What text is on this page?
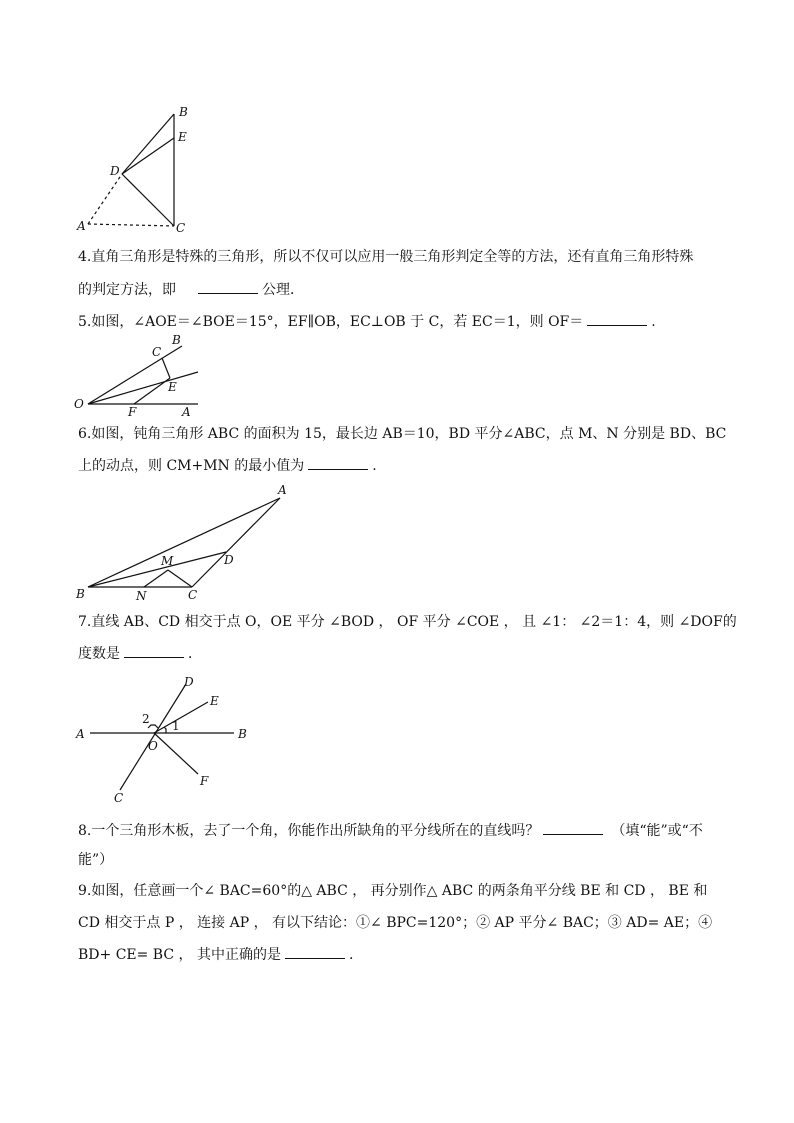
B
E
D
A	C
4.直角三角形是特殊的三角形，所以不仅可以应用一般三角形判定全等的方法，还有直角三角形特殊
的判定方法，即	公理．
5.如图，∠AOE＝∠BOE＝15°，EF∥OB，EC⊥OB 于 C，若 EC＝1，则 OF＝	.
B
C
E
O
F	A
6.如图，钝角三角形 ABC 的面积为 15，最长边 AB＝10，BD 平分∠ABC，点 M、N 分别是 BD、BC
上的动点，则 CM+MN 的最小值为	.
A
M	D
B	N	C
7.直线 AB、CD 相交于点 O，OE 平分 ∠BOD ， OF 平分 ∠COE ， 且 ∠1： ∠2＝1：4，则 ∠DOF的
度数是	．
D
E
A	B
O
2 1
F
C
8.一个三角形木板，去了一个角，你能作出所缺角的平分线所在的直线吗？	（填“能”或“不
能”）
9.如图，任意画一个∠ BAC=60°的△ ABC ， 再分别作△ ABC 的两条角平分线 BE 和 CD ， BE 和
CD 相交于点 P ， 连接 AP ， 有以下结论：①∠ BPC=120°；② AP 平分∠ BAC；③ AD= AE；④
BD+ CE= BC ， 其中正确的是	.
